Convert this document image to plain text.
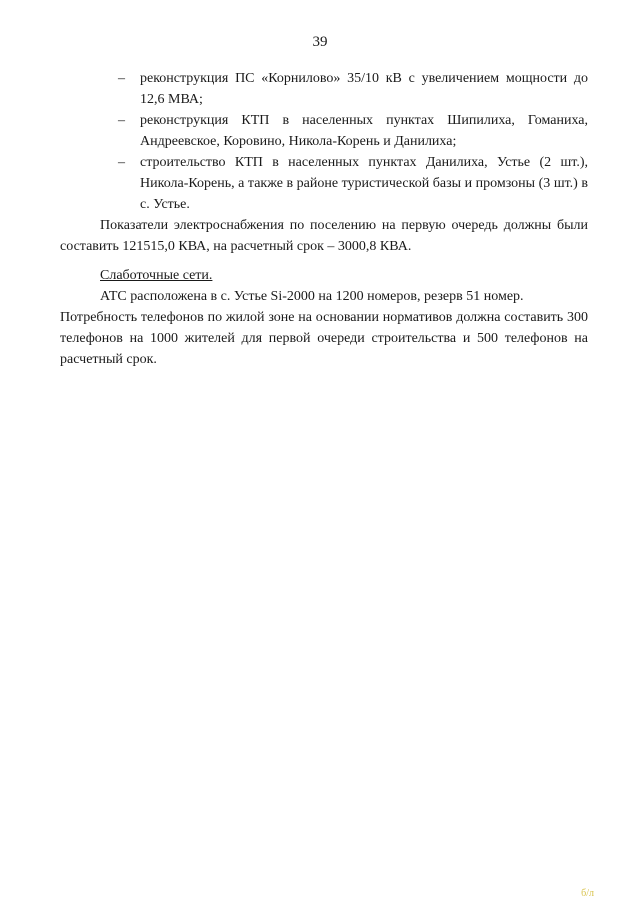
39
–	реконструкция ПС «Корнилово» 35/10 кВ с увеличением мощности до 12,6 МВА;
–	реконструкция КТП в населенных пунктах Шипилиха, Гоманиха, Андреевское, Коровино, Никола-Корень и Данилиха;
–	строительство КТП в населенных пунктах Данилиха, Устье (2 шт.), Никола-Корень, а также в районе туристической базы и промзоны (3 шт.) в с. Устье.

Показатели электроснабжения по поселению на первую очередь должны были составить 121515,0 КВА, на расчетный срок – 3000,8 КВА.

Слаботочные сети.

АТС расположена в с. Устье Si-2000 на 1200 номеров, резерв 51 номер.

Потребность телефонов по жилой зоне на основании нормативов должна составить 300 телефонов на 1000 жителей для первой очереди строительства и 500 телефонов на расчетный срок.

б/л
